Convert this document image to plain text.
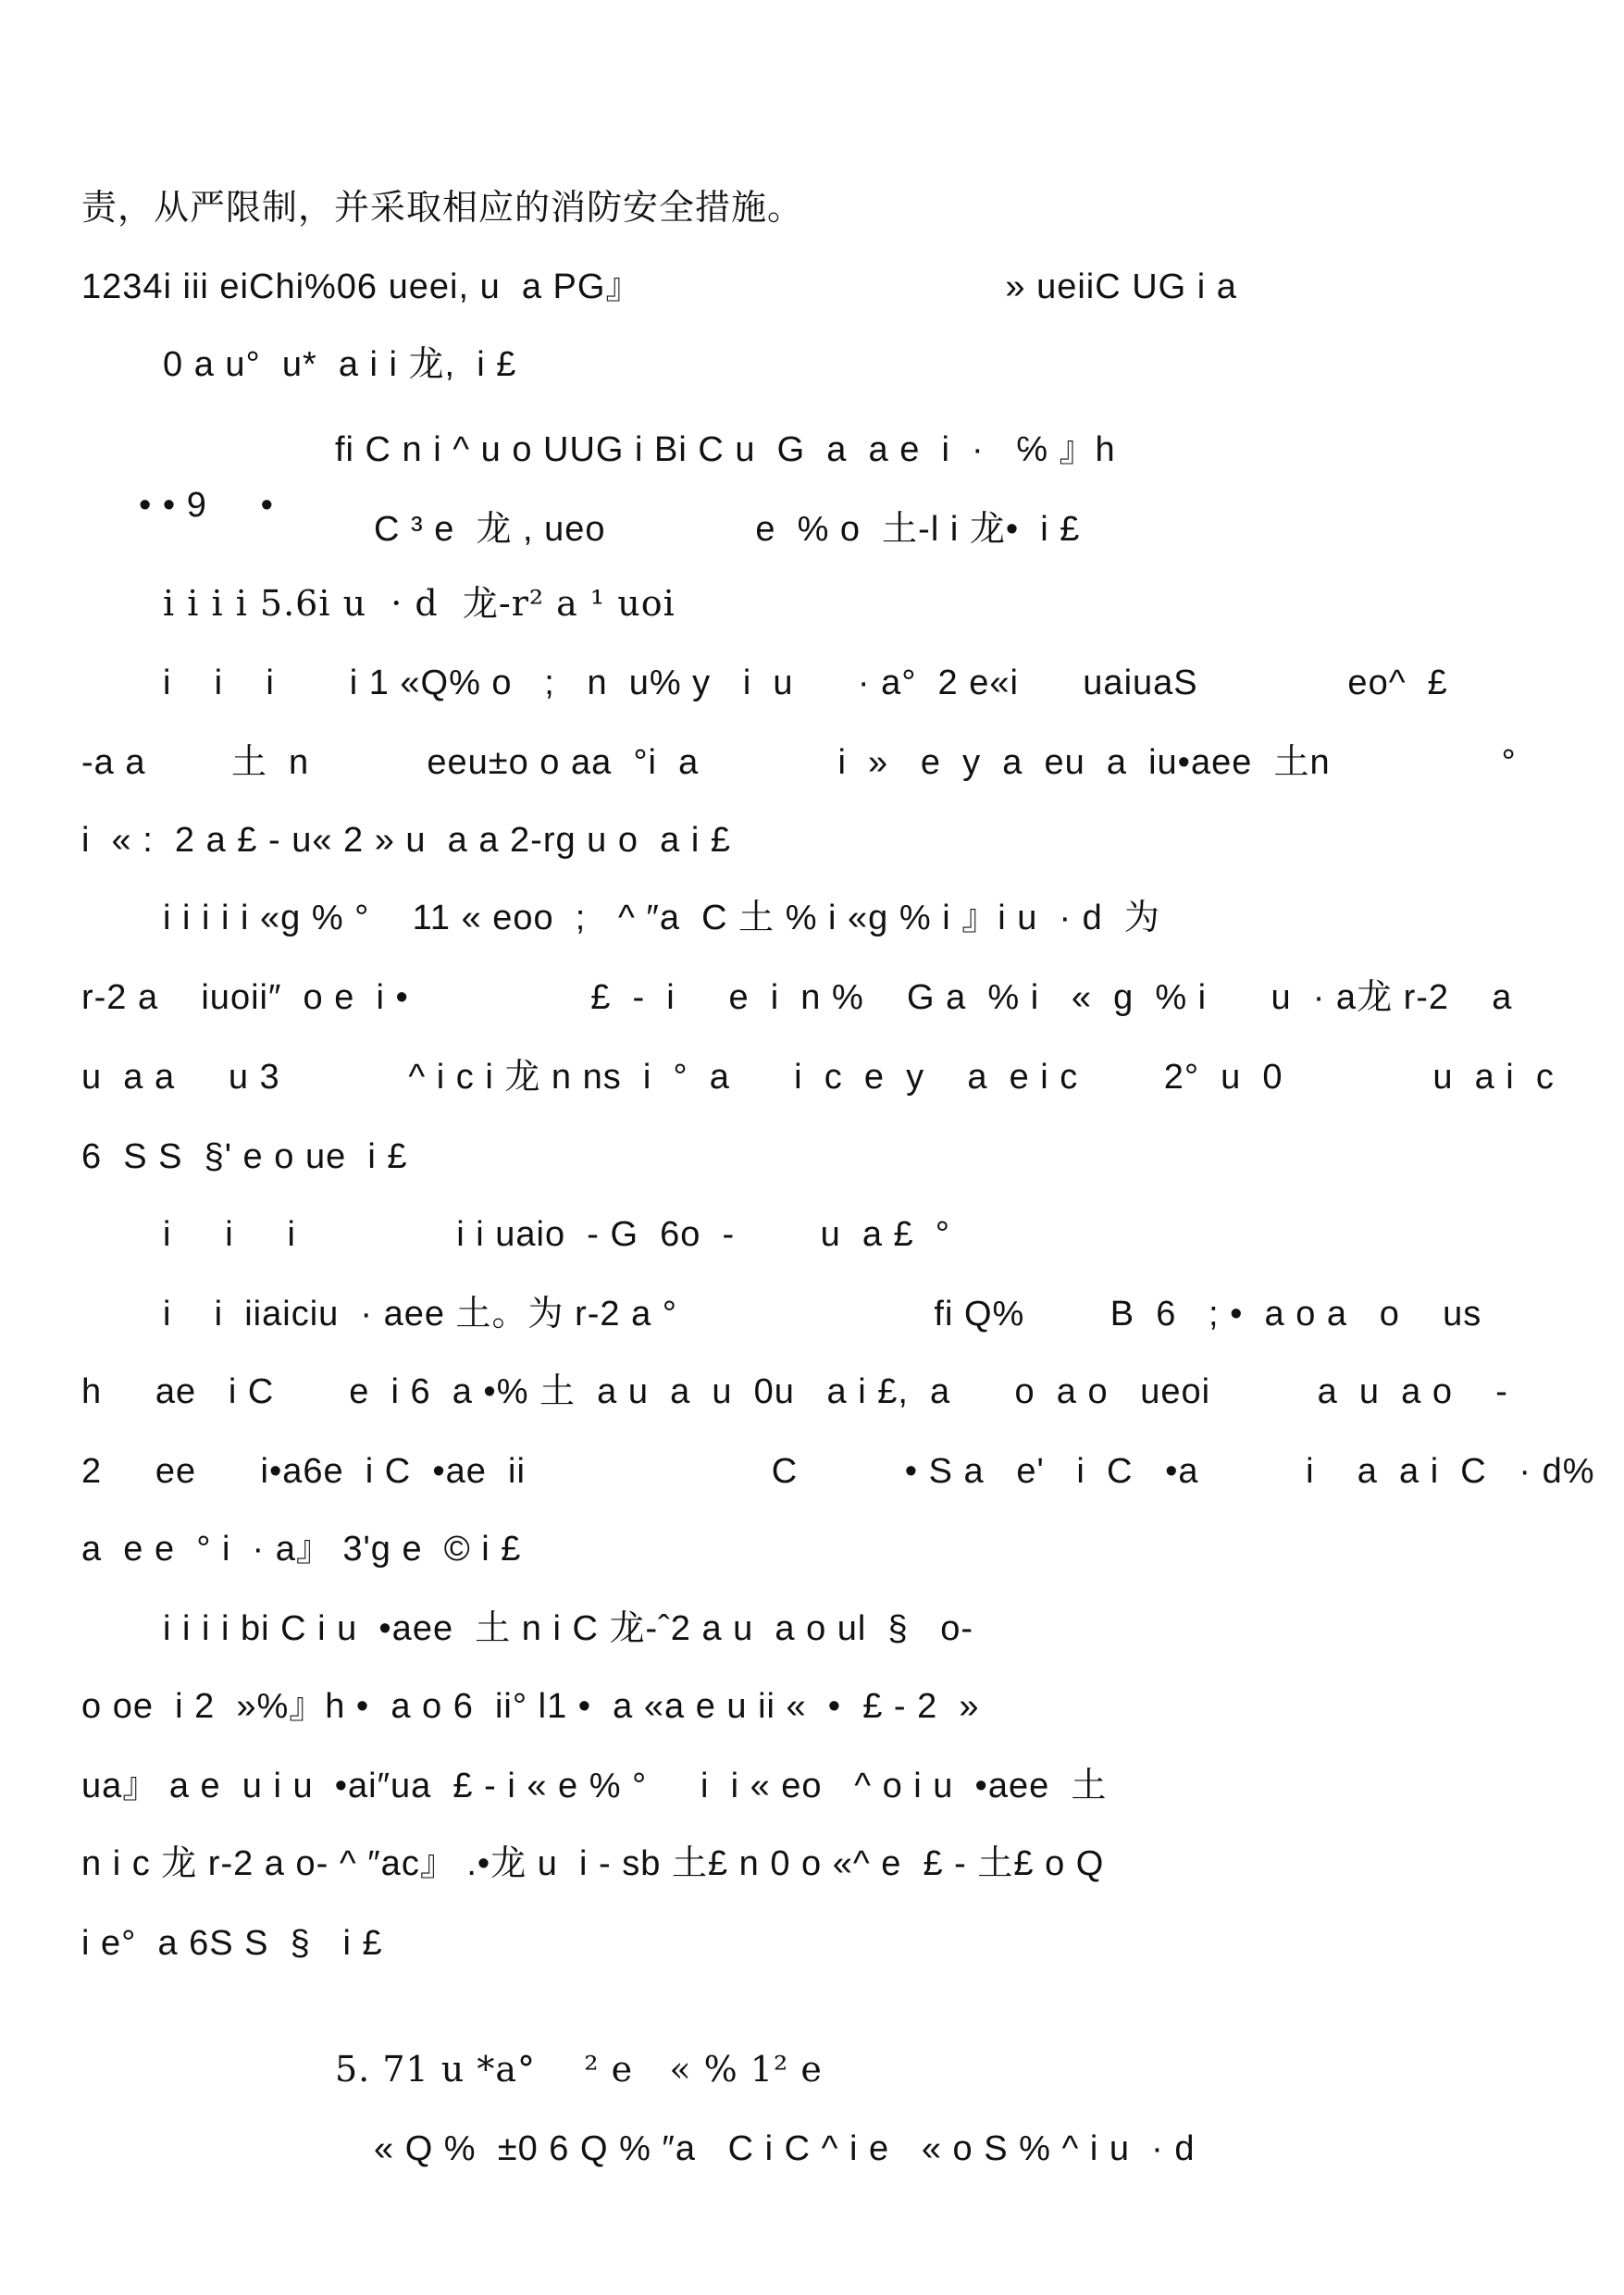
责，从严限制，并采取相应的消防安全措施。
1234i iii eiChi%06 ueei, u  a PG』                                  » ueiiC UG i a
0 a u°  u*  a i i 龙,  i £
fi C n i ^ u o UUG i Bi C u  G  a  a e  i  ·   ℅ 』h
• • 9     •
C ³ e  龙 , ueo              e  % o  土-l i 龙•  i £
i i i i 5.6i u  · d  龙-r² a ¹ uoi
i    i    i       i 1 «Q% o   ;   n  u% y   i  u      · a°  2 e«i      uaiuaS              eo^  £
-a a        土  n           eeu±o o aa  °i  a             i  »   e  y  a  eu  a  iu•aee  土n                °
i  « :  2 a £ - u« 2 » u  a a 2-rg u o  a i £
i i i i i «g % °    11 « eoo  ;   ^ ″a  C 土 % i «g % i 』i u  · d  为
r-2 a    iuoii″  o e  i •                 £  -  i     e  i  n %    G a  % i   «  g  % i      u  · a龙 r-2    a
u  a a     u 3            ^ i c i 龙 n ns  i  °  a      i  c  e  y    a  e i c        2°  u  0              u  a i  c
6  S S  §' e o ue  i £
i     i     i               i i uaio  - G  6o  -        u  a £  °
i    i  iiaiciu  · aee 土。为 r-2 a °                        fi Q%        B  6   ; •  a o a   o    us
h     ae   i C       e  i 6  a •% 土  a u  a  u  0u   a i £,  a      o  a o   ueoi          a  u  a o    -
2     ee      i•a6e  i C  •ae  ii                       C          • S a   e'   i  C   •a          i    a  a i  C   · d%
a  e e  ° i  · a』 3'g e  © i £
i i i i bi C i u  •aee  土 n i C 龙-ˆ2 a u  a o ul  §   o-
o oe  i 2  »%』h •  a o 6  ii° l1 •  a «a e u ii «  •  £ - 2  »
ua』 a e  u i u  •ai″ua  £ - i « e % °     i  i « eo   ^ o i u  •aee  土
n i c 龙 r-2 a o- ^ ″ac』 .•龙 u  i - sb 土£ n 0 o «^ e  £ - 土£ o Q
i e°  a 6S S  §   i £
5. 71 u *a°    ² e   « % 1² e
« Q %  ±0 6 Q % ″a   C i C ^ i e   « o S % ^ i u  · d
